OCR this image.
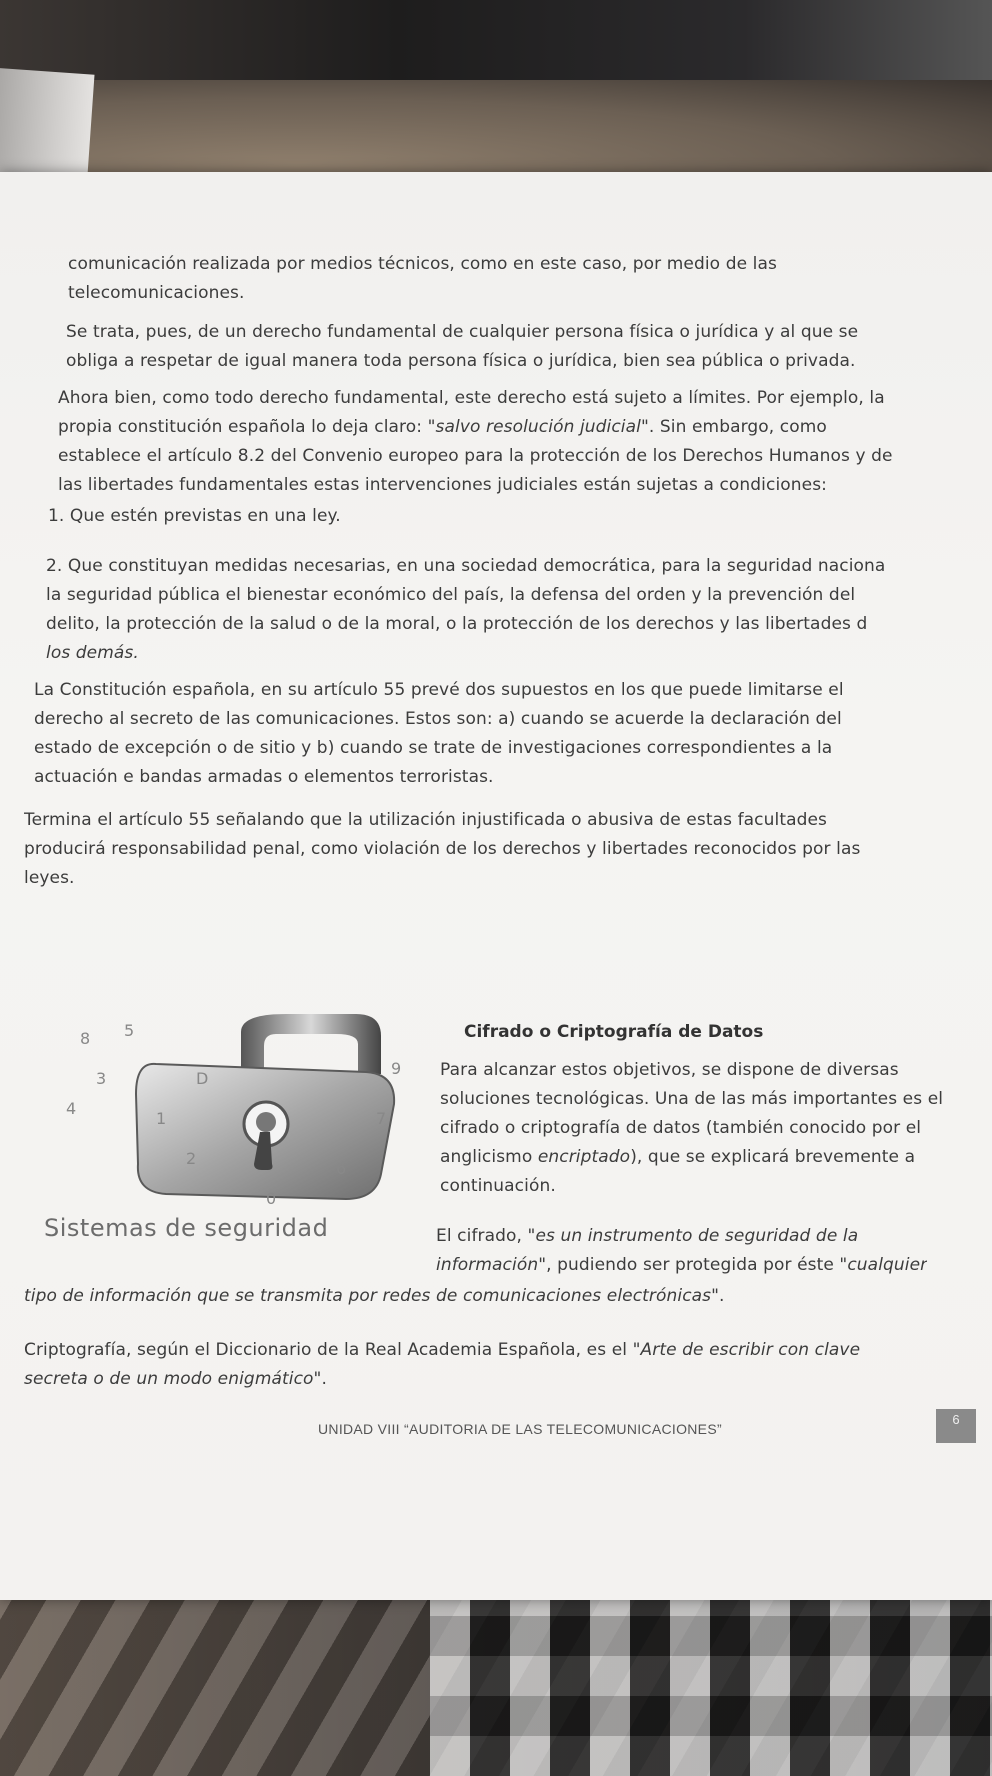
comunicación realizada por medios técnicos, como en este caso, por medio de las
telecomunicaciones.
Se trata, pues, de un derecho fundamental de cualquier persona física o jurídica y al que se
obliga a respetar de igual manera toda persona física o jurídica, bien sea pública o privada.
Ahora bien, como todo derecho fundamental, este derecho está sujeto a límites. Por ejemplo, la
propia constitución española lo deja claro: "salvo resolución judicial". Sin embargo, como
establece el artículo 8.2 del Convenio europeo para la protección de los Derechos Humanos y de
las libertades fundamentales estas intervenciones judiciales están sujetas a condiciones:
1. Que estén previstas en una ley.
2. Que constituyan medidas necesarias, en una sociedad democrática, para la seguridad naciona
la seguridad pública el bienestar económico del país, la defensa del orden y la prevención del
delito, la protección de la salud o de la moral, o la protección de los derechos y las libertades d
los demás.
La Constitución española, en su artículo 55 prevé dos supuestos en los que puede limitarse el
derecho al secreto de las comunicaciones. Estos son: a) cuando se acuerde la declaración del
estado de excepción o de sitio y b) cuando se trate de investigaciones correspondientes a la
actuación e bandas armadas o elementos terroristas.
Termina el artículo 55 señalando que la utilización injustificada o abusiva de estas facultades
producirá responsabilidad penal, como violación de los derechos y libertades reconocidos por las
leyes.
Cifrado o Criptografía de Datos
Para alcanzar estos objetivos, se dispone de diversas
soluciones tecnológicas. Una de las más importantes es el
cifrado o criptografía de datos (también conocido por el
anglicismo encriptado), que se explicará brevemente a
continuación.
El cifrado, "es un instrumento de seguridad de la
información", pudiendo ser protegida por éste "cualquier
tipo de información que se transmita por redes de comunicaciones electrónicas".
Criptografía, según el Diccionario de la Real Academia Española, es el "Arte de escribir con clave
secreta o de un modo enigmático".
8 5
D
3
1
6
7
2
9
0
4
Sistemas de seguridad
UNIDAD VIII “AUDITORIA DE LAS TELECOMUNICACIONES”
6
